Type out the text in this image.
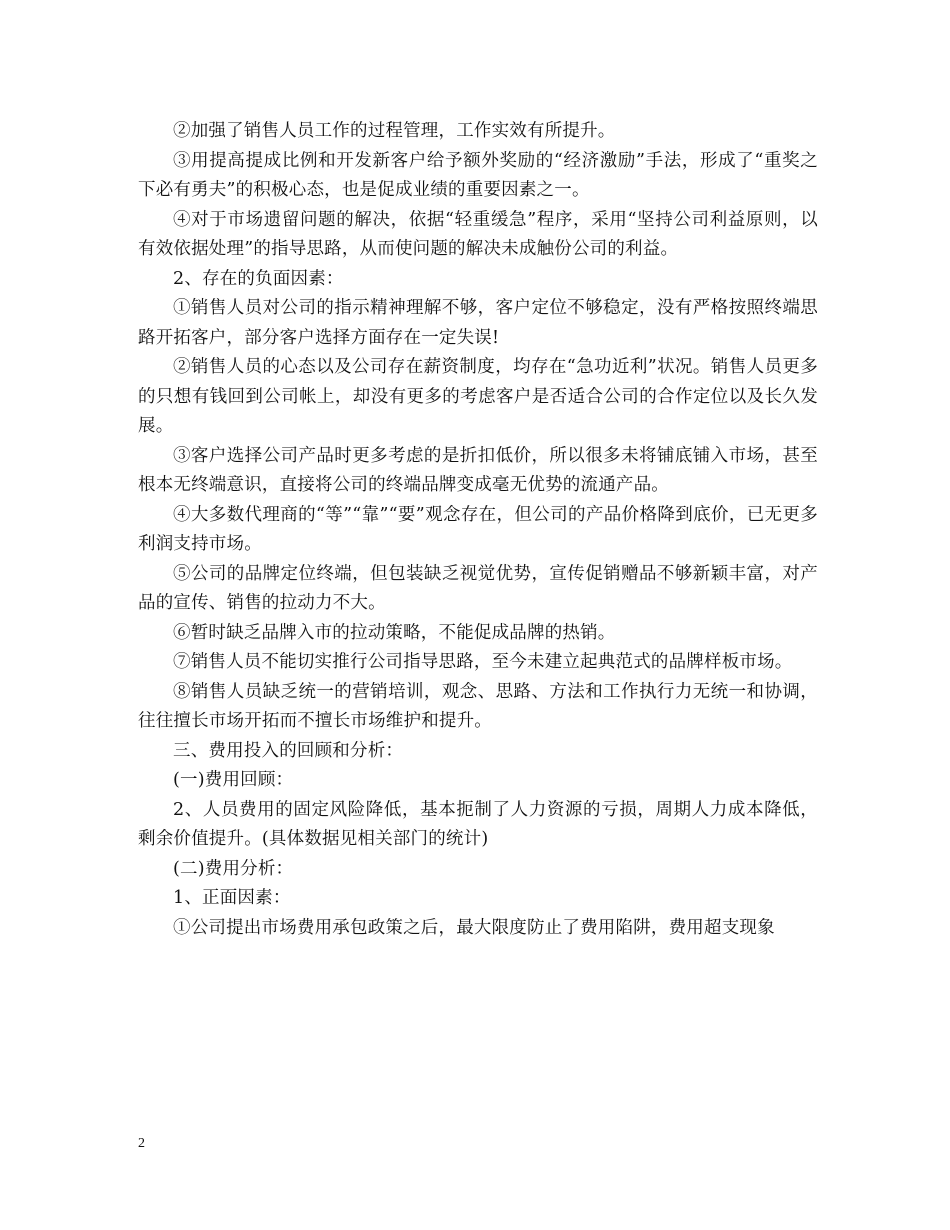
②加强了销售人员工作的过程管理，工作实效有所提升。

③用提高提成比例和开发新客户给予额外奖励的“经济激励”手法，形成了“重奖之下必有勇夫”的积极心态，也是促成业绩的重要因素之一。

④对于市场遗留问题的解决，依据“轻重缓急”程序，采用“坚持公司利益原则，以有效依据处理”的指导思路，从而使问题的解决未成触份公司的利益。

2、存在的负面因素：

①销售人员对公司的指示精神理解不够，客户定位不够稳定，没有严格按照终端思路开拓客户，部分客户选择方面存在一定失误!

②销售人员的心态以及公司存在薪资制度，均存在“急功近利”状况。销售人员更多的只想有钱回到公司帐上，却没有更多的考虑客户是否适合公司的合作定位以及长久发展。

③客户选择公司产品时更多考虑的是折扣低价，所以很多未将铺底铺入市场，甚至根本无终端意识，直接将公司的终端品牌变成毫无优势的流通产品。

④大多数代理商的“等”“靠”“要”观念存在，但公司的产品价格降到底价，已无更多利润支持市场。

⑤公司的品牌定位终端，但包装缺乏视觉优势，宣传促销赠品不够新颖丰富，对产品的宣传、销售的拉动力不大。

⑥暂时缺乏品牌入市的拉动策略，不能促成品牌的热销。

⑦销售人员不能切实推行公司指导思路，至今未建立起典范式的品牌样板市场。

⑧销售人员缺乏统一的营销培训，观念、思路、方法和工作执行力无统一和协调，往往擅长市场开拓而不擅长市场维护和提升。

三、费用投入的回顾和分析：

(一)费用回顾：

2、人员费用的固定风险降低，基本扼制了人力资源的亏损，周期人力成本降低，剩余价值提升。(具体数据见相关部门的统计)

(二)费用分析：

1、正面因素：

①公司提出市场费用承包政策之后，最大限度防止了费用陷阱，费用超支现象

2
